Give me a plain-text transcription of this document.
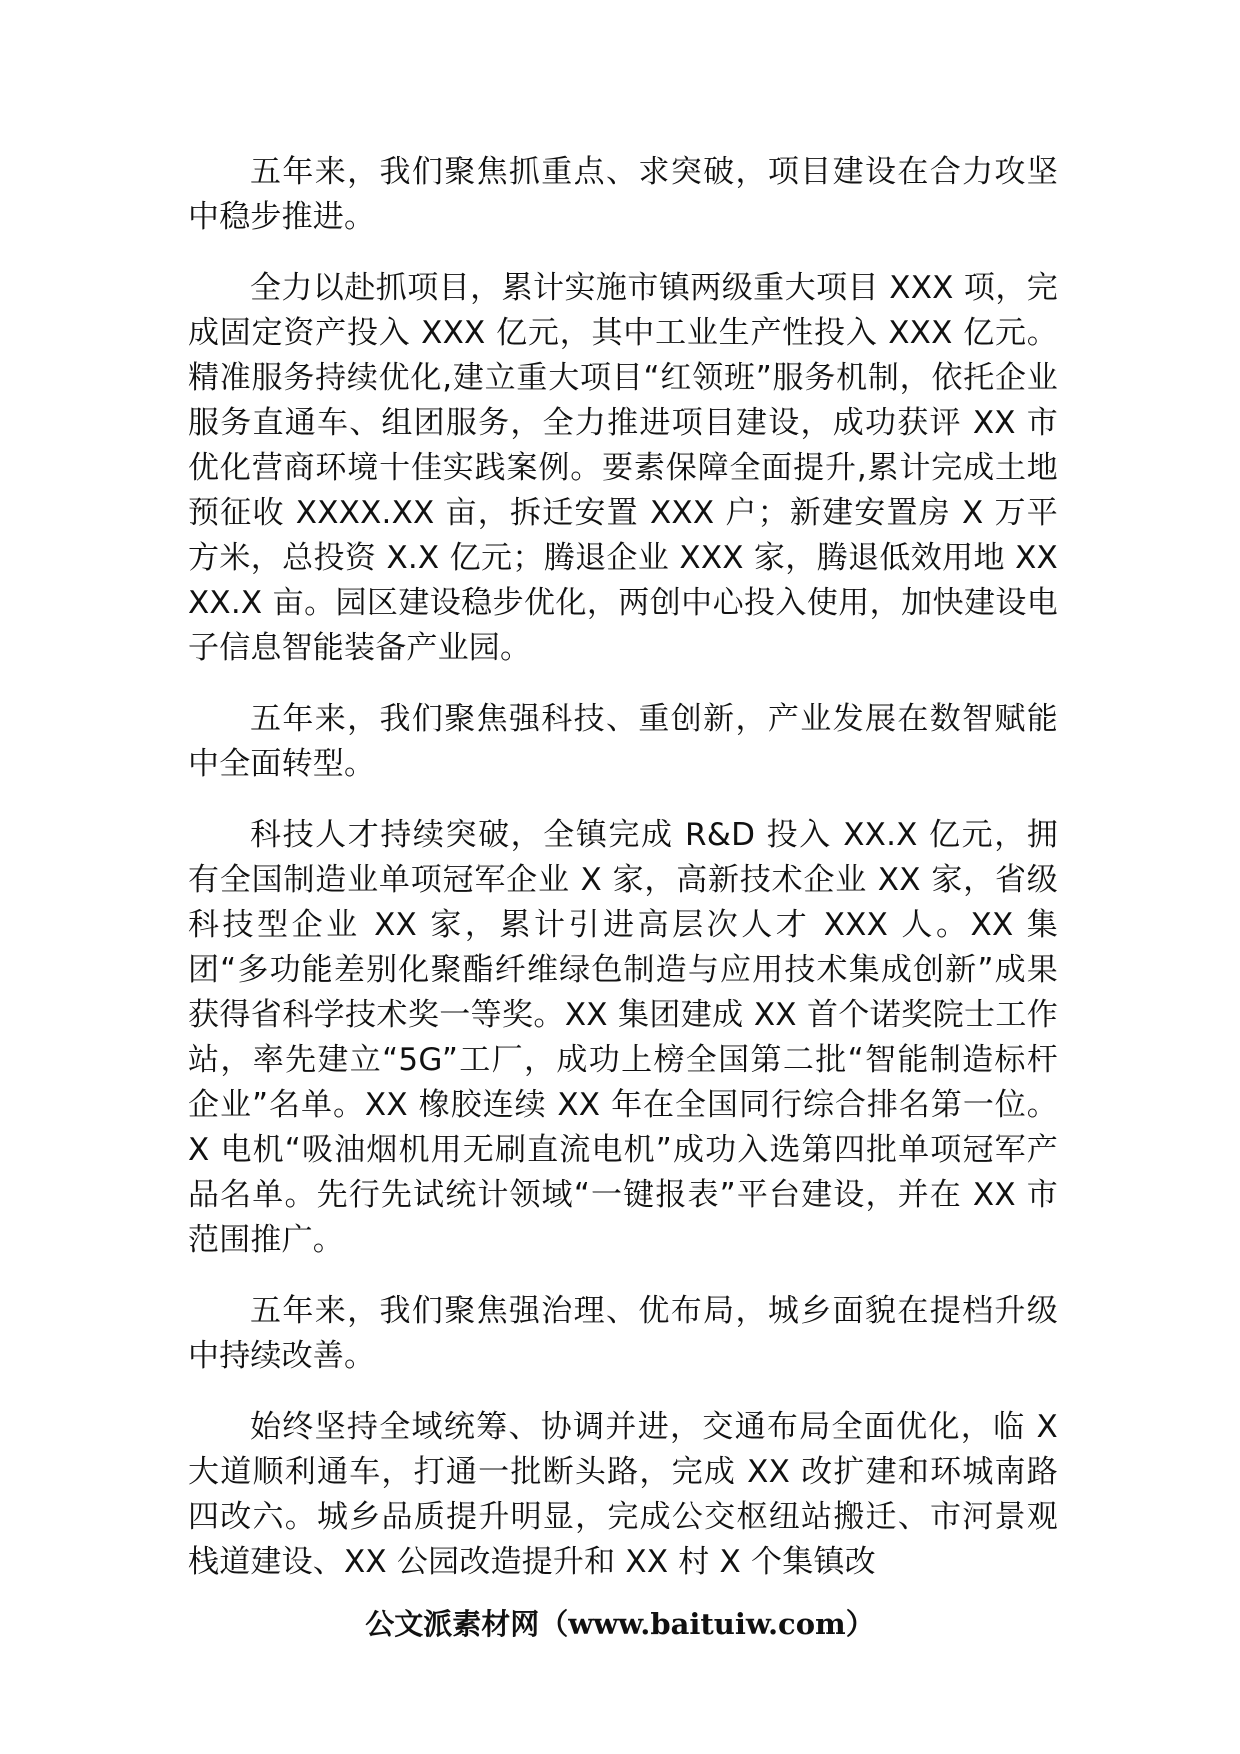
五年来，我们聚焦抓重点、求突破，项目建设在合力攻坚中稳步推进。

全力以赴抓项目，累计实施市镇两级重大项目 XXX 项，完成固定资产投入 XXX 亿元，其中工业生产性投入 XXX 亿元。精准服务持续优化,建立重大项目“红领班”服务机制，依托企业服务直通车、组团服务，全力推进项目建设，成功获评 XX 市优化营商环境十佳实践案例。要素保障全面提升,累计完成土地预征收 XXXX.XX 亩，拆迁安置 XXX 户；新建安置房 X 万平方米，总投资 X.X 亿元；腾退企业 XXX 家，腾退低效用地 XXXX.X 亩。园区建设稳步优化，两创中心投入使用，加快建设电子信息智能装备产业园。

五年来，我们聚焦强科技、重创新，产业发展在数智赋能中全面转型。

科技人才持续突破，全镇完成 R&D 投入 XX.X 亿元，拥有全国制造业单项冠军企业 X 家，高新技术企业 XX 家，省级科技型企业 XX 家，累计引进高层次人才 XXX 人。XX 集团“多功能差别化聚酯纤维绿色制造与应用技术集成创新”成果获得省科学技术奖一等奖。XX 集团建成 XX 首个诺奖院士工作站，率先建立“5G”工厂，成功上榜全国第二批“智能制造标杆企业”名单。XX 橡胶连续 XX 年在全国同行综合排名第一位。X 电机“吸油烟机用无刷直流电机”成功入选第四批单项冠军产品名单。先行先试统计领域“一键报表”平台建设，并在 XX 市范围推广。

五年来，我们聚焦强治理、优布局，城乡面貌在提档升级中持续改善。

始终坚持全域统筹、协调并进，交通布局全面优化，临 X 大道顺利通车，打通一批断头路，完成 XX 改扩建和环城南路四改六。城乡品质提升明显，完成公交枢纽站搬迁、市河景观栈道建设、XX 公园改造提升和 XX 村 X 个集镇改

公文派素材网（www.baituiw.com）
